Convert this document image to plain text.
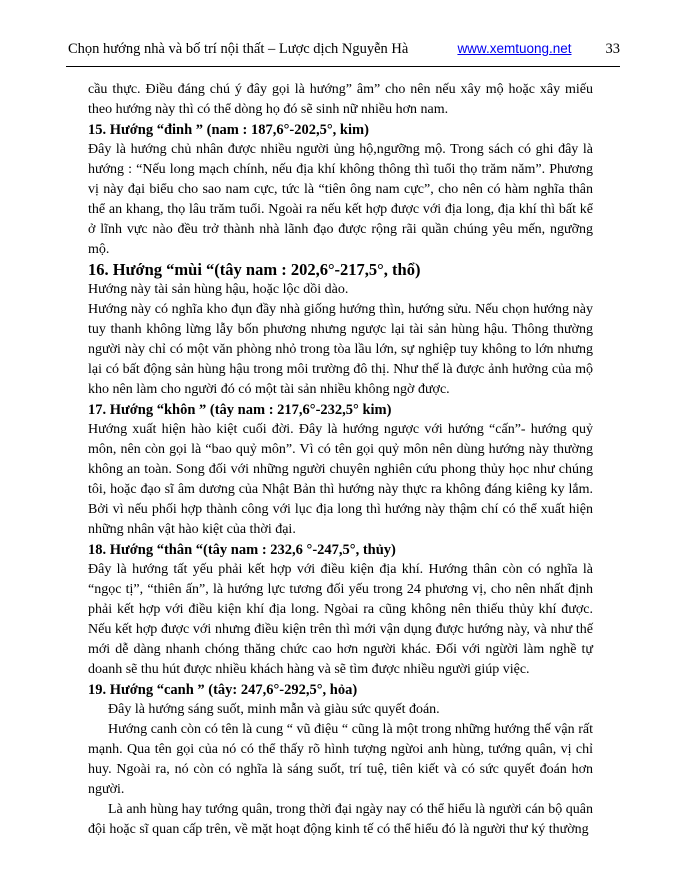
Chọn hướng nhà và bố trí nội thất – Lược dịch Nguyễn Hà	www.xemtuong.net 33

cầu thực. Điều đáng chú ý đây gọi là hướng” âm” cho nên nếu xây mộ hoặc xây miếu theo hướng này thì có thể dòng họ đó sẽ sinh nữ nhiều hơn nam.

15. Hướng “đinh ” (nam : 187,6°-202,5°, kim)

Đây là hướng chủ nhân được nhiều người ủng hộ,ngưỡng mộ. Trong sách có ghi đây là hướng : “Nếu long mạch chính, nếu địa khí không thông thì tuổi thọ trăm năm”. Phương vị này đại biểu cho sao nam cực, tức là “tiên ông nam cực”, cho nên có hàm nghĩa thân thể an khang, thọ lâu trăm tuổi. Ngoài ra nếu kết hợp được với địa long, địa khí thì bất kể ở lĩnh vực nào đều trở thành nhà lãnh đạo được rộng rãi quần chúng yêu mến, ngưỡng mộ.

16. Hướng “mùi “(tây nam : 202,6°-217,5°, thổ)

Hướng này tài sản hùng hậu, hoặc lộc dồi dào.

Hướng này có nghĩa kho đụn đầy nhà giống hướng thìn, hướng sửu. Nếu chọn hướng này tuy thanh không lừng lẫy bốn phương nhưng ngược lại tài sản hùng hậu. Thông thường người này chỉ có một văn phòng nhỏ trong tòa lầu lớn, sự nghiệp tuy không to lớn nhưng lại có bất động sản hùng hậu trong môi trường đô thị. Như thế là được ảnh hưởng của mộ kho nên làm cho người đó có một tài sản nhiều không ngờ được.

17. Hướng “khôn ” (tây nam : 217,6°-232,5° kim)

Hướng xuất hiện hào kiệt cuối đời. Đây là hướng ngược với hướng “cấn”- hướng quỷ môn, nên còn gọi là “bao quỷ môn”. Vì có tên gọi quỷ môn nên dùng hướng này thường không an toàn. Song đối với những người chuyên nghiên cứu phong thủy học như chúng tôi, hoặc đạo sĩ âm dương của Nhật Bản thì hướng này thực ra không đáng kiêng ky lắm. Bởi vì nếu phối hợp thành công với lục địa long thì hướng này thậm chí có thể xuất hiện những nhân vật hào kiệt của thời đại.

18. Hướng “thân “(tây nam : 232,6 °-247,5°, thủy)

Đây là hướng tất yếu phải kết hợp với điều kiện địa khí. Hướng thân còn có nghĩa là “ngọc tị”, “thiên ấn”, là hướng lực tương đối yếu trong 24 phương vị, cho nên nhất định phải kết hợp với điều kiện khí địa long. Ngòai ra cũng không nên thiếu thủy khí được. Nếu kết hợp được với nhưng điều kiện trên thì mới vận dụng được hướng này, và như thế mới dễ dàng nhanh chóng thăng chức cao hơn người khác. Đối với ngừời làm nghề tự doanh sẽ thu hút được nhiều khách hàng và sẽ tìm được nhiều người giúp việc.

19. Hướng “canh ” (tây: 247,6°-292,5°, hỏa)

Đây là hướng sáng suốt, minh mẫn và giàu sức quyết đoán.

Hướng canh còn có tên là cung “ vũ điệu “ cũng là một trong những hướng thế vận rất mạnh. Qua tên gọi của nó có thể thấy rõ hình tượng ngừoi anh hùng, tướng quân, vị chỉ huy. Ngoài ra, nó còn có nghĩa là sáng suốt, trí tuệ, tiên kiết và có sức quyết đoán hơn người.

Là anh hùng hay tướng quân, trong thời đại ngày nay có thể hiểu là người cán bộ quân đội hoặc sĩ quan cấp trên, về mặt hoạt động kinh tế có thể hiểu đó là người thư ký thường
